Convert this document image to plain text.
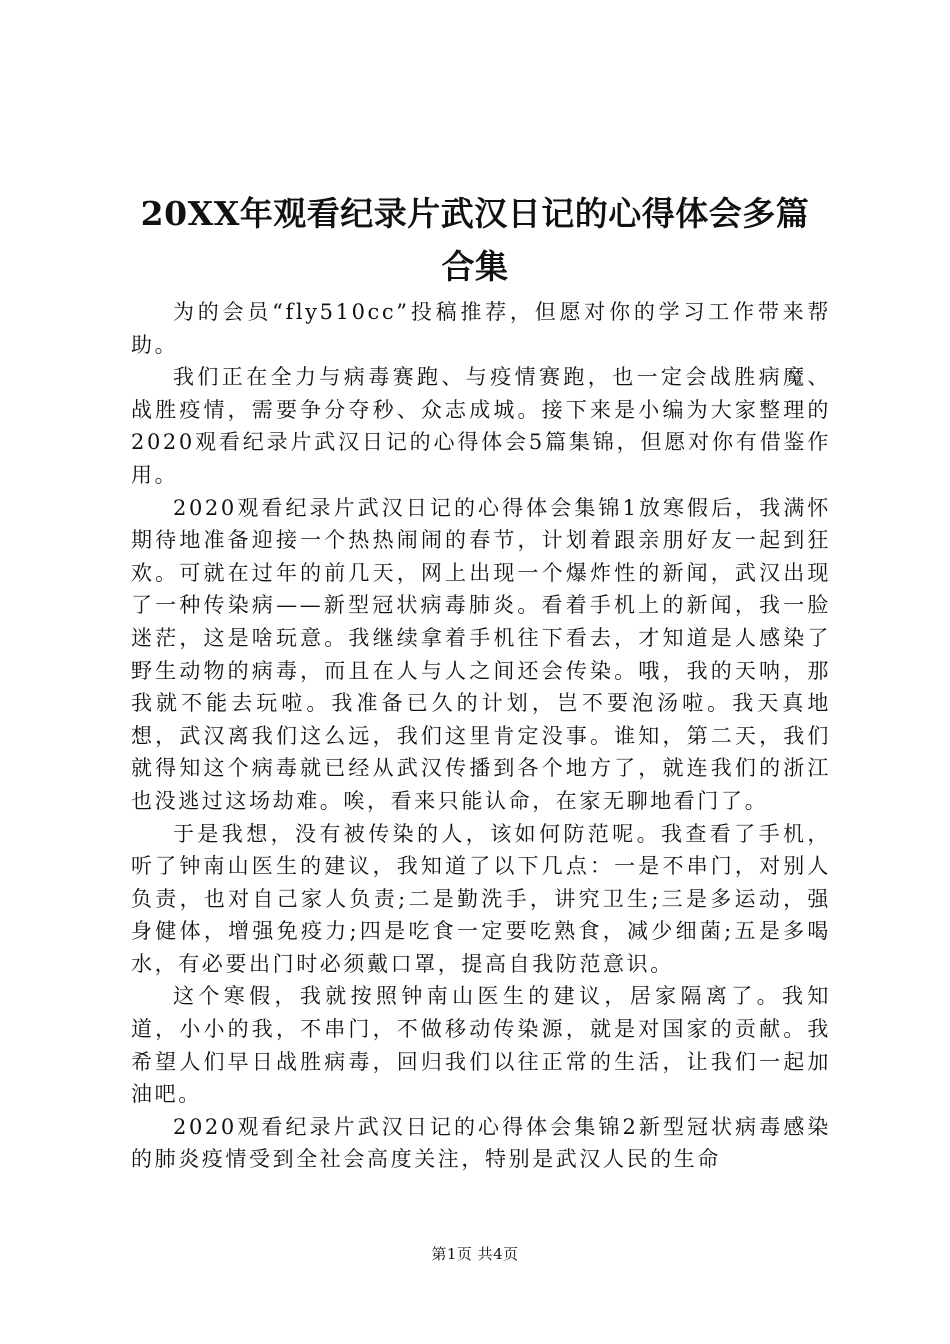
20XX年观看纪录片武汉日记的心得体会多篇
合集

为的会员“fly510cc”投稿推荐，但愿对你的学习工作带来帮助。

我们正在全力与病毒赛跑、与疫情赛跑，也一定会战胜病魔、战胜疫情，需要争分夺秒、众志成城。接下来是小编为大家整理的2020观看纪录片武汉日记的心得体会5篇集锦，但愿对你有借鉴作用。

2020观看纪录片武汉日记的心得体会集锦1放寒假后，我满怀期待地准备迎接一个热热闹闹的春节，计划着跟亲朋好友一起到狂欢。可就在过年的前几天，网上出现一个爆炸性的新闻，武汉出现了一种传染病——新型冠状病毒肺炎。看着手机上的新闻，我一脸迷茫，这是啥玩意。我继续拿着手机往下看去，才知道是人感染了野生动物的病毒，而且在人与人之间还会传染。哦，我的天呐，那我就不能去玩啦。我准备已久的计划，岂不要泡汤啦。我天真地想，武汉离我们这么远，我们这里肯定没事。谁知，第二天，我们就得知这个病毒就已经从武汉传播到各个地方了，就连我们的浙江也没逃过这场劫难。唉，看来只能认命，在家无聊地看门了。

于是我想，没有被传染的人，该如何防范呢。我查看了手机，听了钟南山医生的建议，我知道了以下几点：一是不串门，对别人负责，也对自己家人负责;二是勤洗手，讲究卫生;三是多运动，强身健体，增强免疫力;四是吃食一定要吃熟食，减少细菌;五是多喝水，有必要出门时必须戴口罩，提高自我防范意识。

这个寒假，我就按照钟南山医生的建议，居家隔离了。我知道，小小的我，不串门，不做移动传染源，就是对国家的贡献。我希望人们早日战胜病毒，回归我们以往正常的生活，让我们一起加油吧。

2020观看纪录片武汉日记的心得体会集锦2新型冠状病毒感染的肺炎疫情受到全社会高度关注，特别是武汉人民的生命

第1页 共4页
